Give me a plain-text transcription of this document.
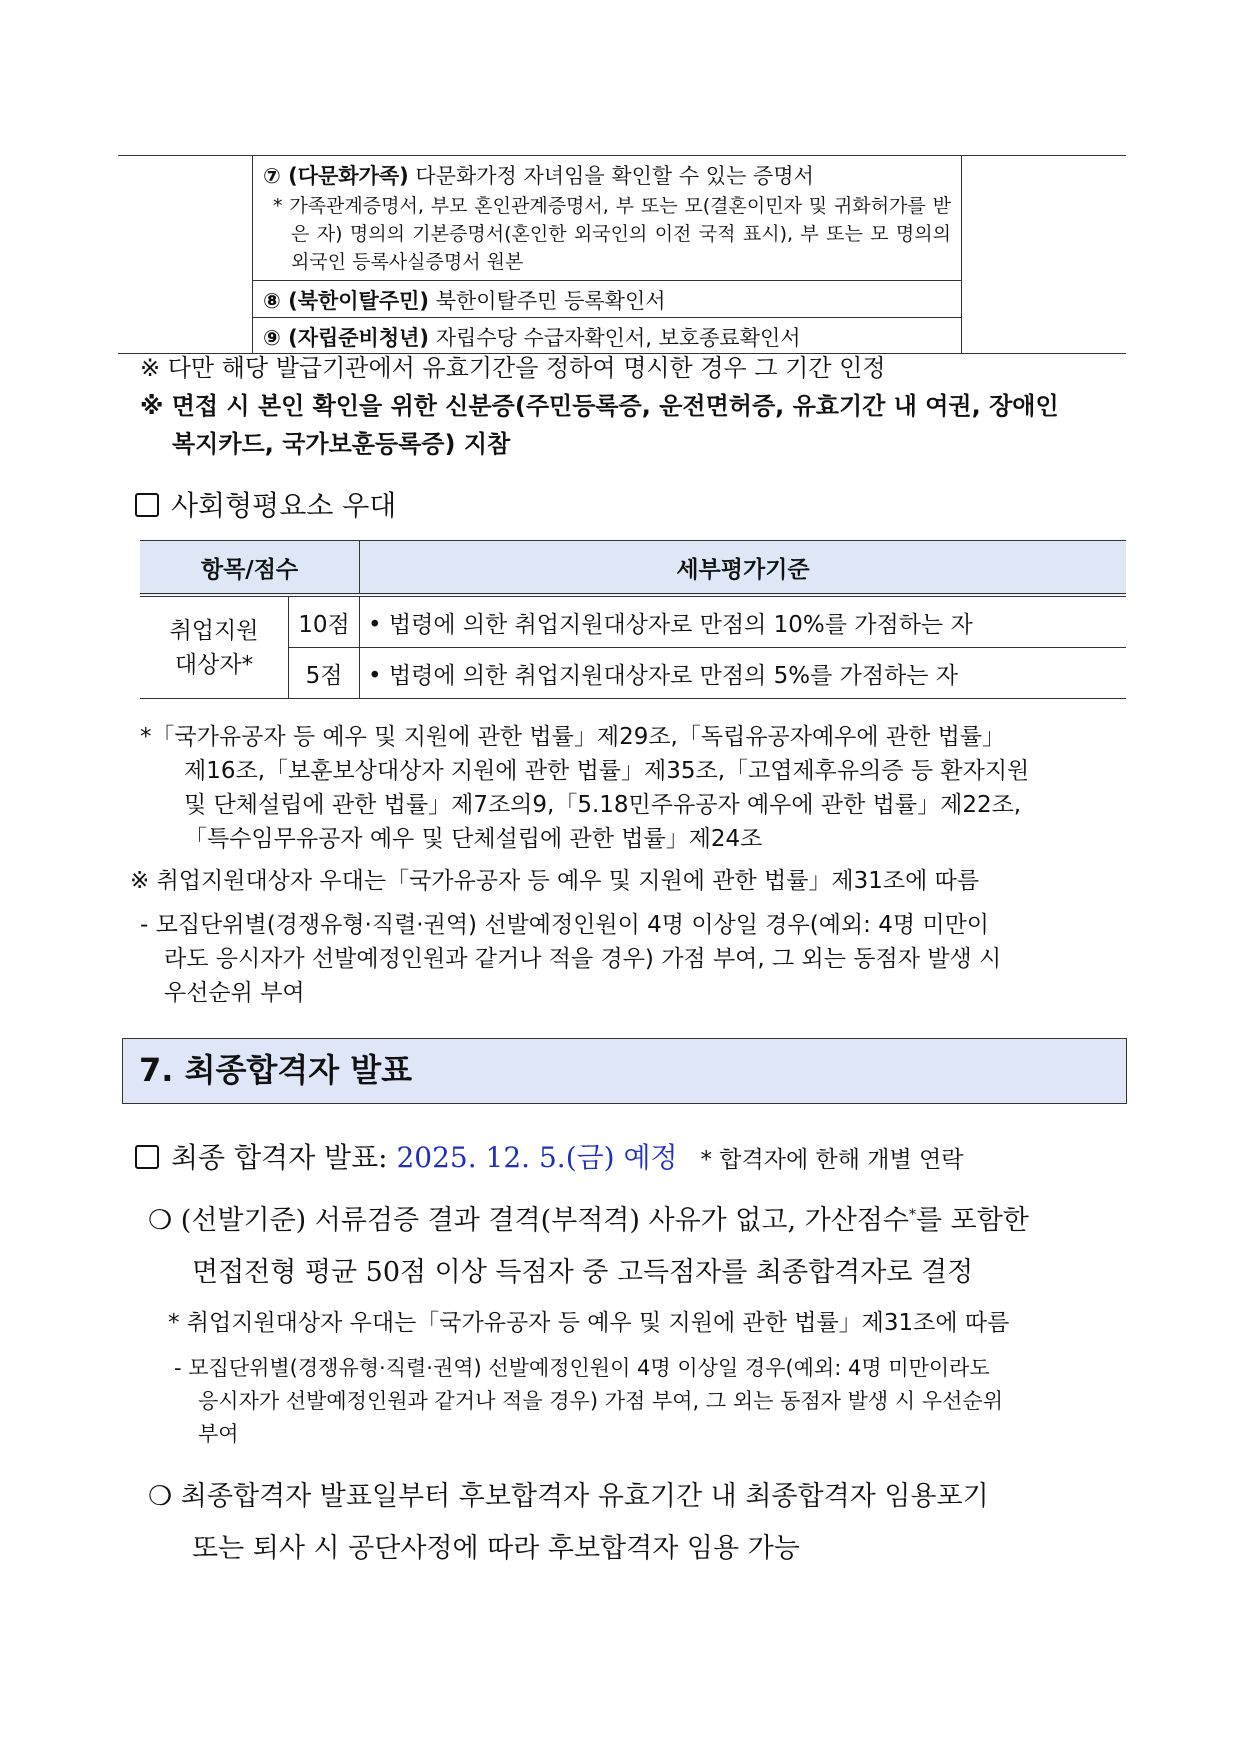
⑦ (다문화가족) 다문화가정 자녀임을 확인할 수 있는 증명서
* 가족관계증명서, 부모 혼인관계증명서, 부 또는 모(결혼이민자 및 귀화허가를 받은 자) 명의의 기본증명서(혼인한 외국인의 이전 국적 표시), 부 또는 모 명의의 외국인 등록사실증명서 원본
⑧ (북한이탈주민) 북한이탈주민 등록확인서
⑨ (자립준비청년) 자립수당 수급자확인서, 보호종료확인서
※ 다만 해당 발급기관에서 유효기간을 정하여 명시한 경우 그 기간 인정
※ 면접 시 본인 확인을 위한 신분증(주민등록증, 운전면허증, 유효기간 내 여권, 장애인
복지카드, 국가보훈등록증) 지참
사회형평요소 우대
항목/점수		세부평가기준
취업지원
대상자*	10점	• 법령에 의한 취업지원대상자로 만점의 10%를 가점하는 자
	5점	• 법령에 의한 취업지원대상자로 만점의 5%를 가점하는 자
*「국가유공자 등 예우 및 지원에 관한 법률」제29조,「독립유공자예우에 관한 법률」
제16조,「보훈보상대상자 지원에 관한 법률」제35조,「고엽제후유의증 등 환자지원
및 단체설립에 관한 법률」제7조의9,「5.18민주유공자 예우에 관한 법률」제22조,
「특수임무유공자 예우 및 단체설립에 관한 법률」제24조
※ 취업지원대상자 우대는「국가유공자 등 예우 및 지원에 관한 법률」제31조에 따름
- 모집단위별(경쟁유형·직렬·권역) 선발예정인원이 4명 이상일 경우(예외: 4명 미만이
라도 응시자가 선발예정인원과 같거나 적을 경우) 가점 부여, 그 외는 동점자 발생 시
우선순위 부여
7. 최종합격자 발표
최종 합격자 발표: 2025. 12. 5.(금) 예정 * 합격자에 한해 개별 연락
❍ (선발기준) 서류검증 결과 결격(부적격) 사유가 없고, 가산점수*를 포함한
면접전형 평균 50점 이상 득점자 중 고득점자를 최종합격자로 결정
* 취업지원대상자 우대는「국가유공자 등 예우 및 지원에 관한 법률」제31조에 따름
- 모집단위별(경쟁유형·직렬·권역) 선발예정인원이 4명 이상일 경우(예외: 4명 미만이라도
응시자가 선발예정인원과 같거나 적을 경우) 가점 부여, 그 외는 동점자 발생 시 우선순위
부여
❍ 최종합격자 발표일부터 후보합격자 유효기간 내 최종합격자 임용포기
또는 퇴사 시 공단사정에 따라 후보합격자 임용 가능
